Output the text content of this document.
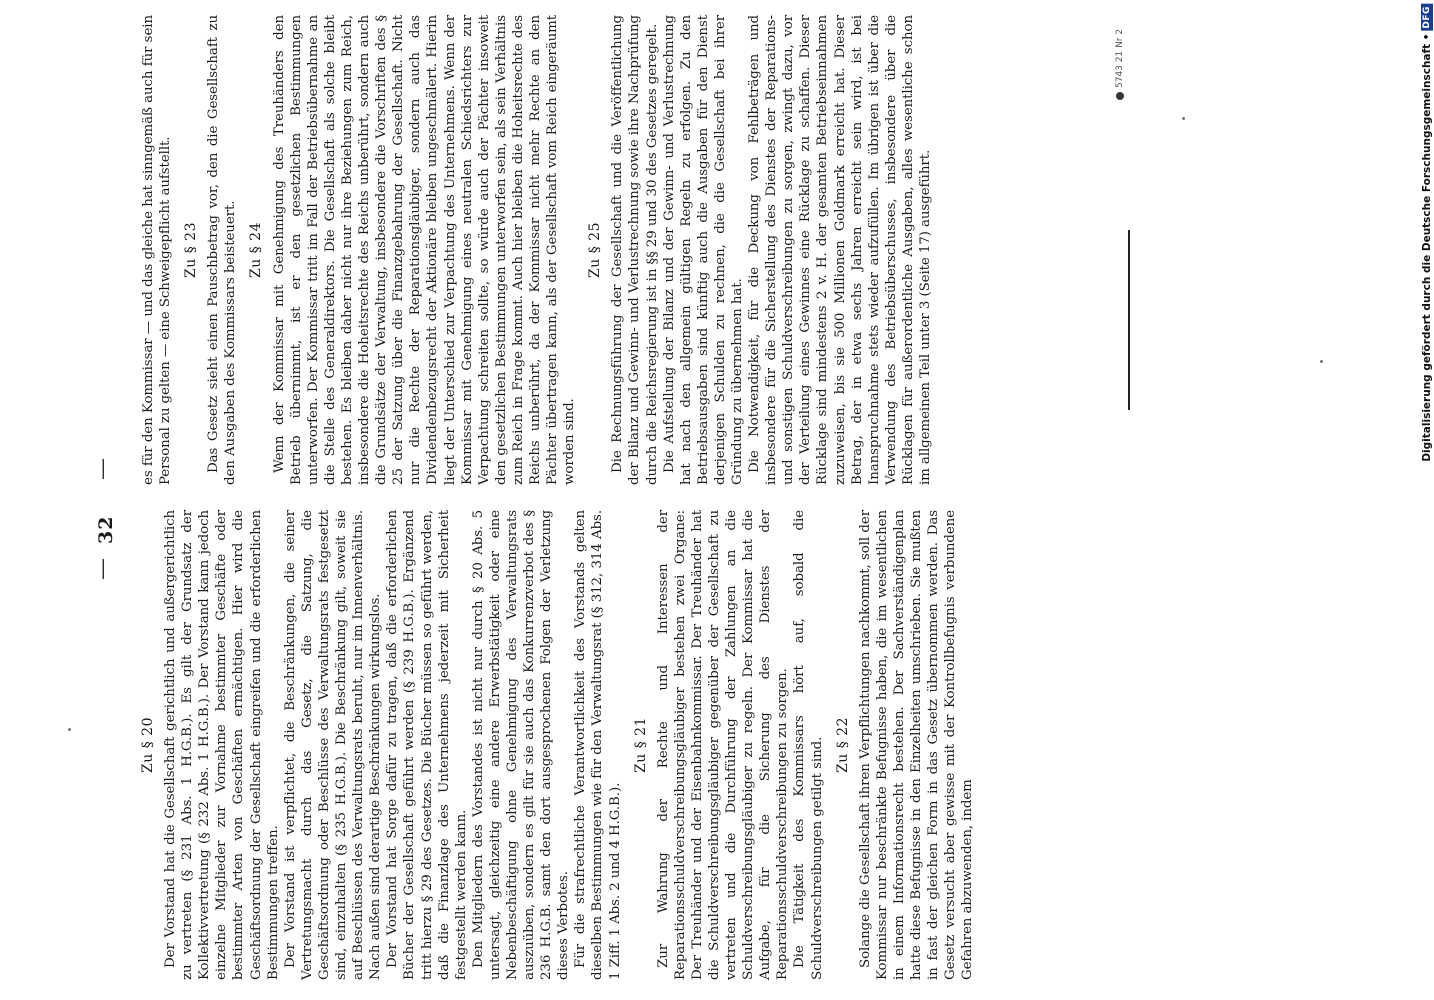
—
32
—
Zu § 20 Der Vorstand hat die Gesellschaft gerichtlich und außergerichtlich zu vertreten (§ 231 Abs. 1 H.G.B.). Es gilt der Grundsatz der Kollektivvertretung (§ 232 Abs. 1 H.G.B.). Der Vorstand kann jedoch einzelne Mitglieder zur Vornahme bestimmter Geschäfte oder bestimmter Arten von Geschäften ermächtigen. Hier wird die Geschäftsordnung der Gesellschaft eingreifen und die erforderlichen Bestimmungen treffen. Der Vorstand ist verpflichtet, die Beschränkungen, die seiner Vertretungsmacht durch das Gesetz, die Satzung, die Geschäftsordnung oder Beschlüsse des Verwaltungsrats festgesetzt sind, einzuhalten (§ 235 H.G.B.). Die Beschränkung gilt, soweit sie auf Beschlüssen des Verwaltungsrats beruht, nur im Innenverhältnis. Nach außen sind derartige Beschränkungen wirkungslos. Der Vorstand hat Sorge dafür zu tragen, daß die erforderlichen Bücher der Gesellschaft geführt werden (§ 239 H.G.B.). Ergänzend tritt hierzu § 29 des Gesetzes. Die Bücher müssen so geführt werden, daß die Finanzlage des Unternehmens jederzeit mit Sicherheit festgestellt werden kann. Den Mitgliedern des Vorstandes ist nicht nur durch § 20 Abs. 5 untersagt, gleichzeitig eine andere Erwerbstätigkeit oder eine Nebenbeschäftigung ohne Genehmigung des Verwaltungsrats auszuüben, sondern es gilt für sie auch das Konkurrenzverbot des § 236 H.G.B. samt den dort ausgesprochenen Folgen der Verletzung dieses Verbotes. Für die strafrechtliche Verantwortlichkeit des Vorstands gelten dieselben Bestimmungen wie für den Verwaltungsrat (§ 312, 314 Abs. 1 Ziff. 1 Abs. 2 und 4 H.G.B.).

Zu § 21 Zur Wahrung der Rechte und Interessen der Reparationsschuldverschreibungsgläubiger bestehen zwei Organe: Der Treuhänder und der Eisenbahnkommissar. Der Treuhänder hat die Schuldverschreibungsgläubiger gegenüber der Gesellschaft zu vertreten und die Durchführung der Zahlungen an die Schuldverschreibungsgläubiger zu regeln. Der Kommissar hat die Aufgabe, für die Sicherung des Dienstes der Reparationsschuldverschreibungen zu sorgen. Die Tätigkeit des Kommissars hört auf, sobald die Schuldverschreibungen getilgt sind. Zu § 22 Solange die Gesellschaft ihren Verpflichtungen nachkommt, soll der Kommissar nur beschränkte Befugnisse haben, die im wesentlichen in einem Informationsrecht bestehen. Der Sachverständigenplan hatte diese Befugnisse in den Einzelheiten umschrieben. Sie mußten in fast der gleichen Form in das Gesetz übernommen werden. Das Gesetz versucht aber gewisse mit der Kontrollbefugnis verbundene Gefahren abzuwenden, indem

es für den Kommissar — und das gleiche hat sinngemäß auch für sein Personal zu gelten — eine Schweigepflicht aufstellt. Zu § 23 Das Gesetz sieht einen Pauschbetrag vor, den die Gesellschaft zu den Ausgaben des Kommissars beisteuert. Zu § 24 Wenn der Kommissar mit Genehmigung des Treuhänders den Betrieb übernimmt, ist er den gesetzlichen Bestimmungen unterworfen. Der Kommissar tritt im Fall der Betriebsübernahme an die Stelle des Generaldirektors. Die Gesellschaft als solche bleibt bestehen. Es bleiben daher nicht nur ihre Beziehungen zum Reich, insbesondere die Hoheitsrechte des Reichs unberührt, sondern auch die Grundsätze der Verwaltung, insbesondere die Vorschriften des § 25 der Satzung über die Finanzgebahrung der Gesellschaft. Nicht nur die Rechte der Reparationsgläubiger, sondern auch das Dividendenbezugsrecht der Aktionäre bleiben ungeschmälert. Hierin liegt der Unterschied zur Verpachtung des Unternehmens. Wenn der Kommissar mit Genehmigung eines neutralen Schiedsrichters zur Verpachtung schreiten sollte, so würde auch der Pächter insoweit den gesetzlichen Bestimmungen unterworfen sein, als sein Verhältnis zum Reich in Frage kommt. Auch hier bleiben die Hoheitsrechte des Reichs unberührt, da der Kommissar nicht mehr Rechte an den Pächter übertragen kann, als der Gesellschaft vom Reich eingeräumt worden sind.

Zu § 25 Die Rechnungsführung der Gesellschaft und die Veröffentlichung der Bilanz und Gewinn- und Verlustrechnung sowie ihre Nachprüfung durch die Reichsregierung ist in §§ 29 und 30 des Gesetzes geregelt. Die Aufstellung der Bilanz und der Gewinn- und Verlustrechnung hat nach den allgemein gültigen Regeln zu erfolgen. Zu den Betriebsausgaben sind künftig auch die Ausgaben für den Dienst derjenigen Schulden zu rechnen, die die Gesellschaft bei ihrer Gründung zu übernehmen hat. Die Notwendigkeit, für die Deckung von Fehlbeträgen und insbesondere für die Sicherstellung des Dienstes der Reparations- und sonstigen Schuldverschreibungen zu sorgen, zwingt dazu, vor der Verteilung eines Gewinnes eine Rücklage zu schaffen. Dieser Rücklage sind mindestens 2 v. H. der gesamten Betriebseinnahmen zuzuweisen, bis sie 500 Millionen Goldmark erreicht hat. Dieser Betrag, der in etwa sechs Jahren erreicht sein wird, ist bei Inanspruchnahme stets wieder aufzufüllen. Im übrigen ist über die Verwendung des Betriebsüberschusses, insbesondere über die Rücklagen für außerordentliche Ausgaben, alles wesentliche schon im allgemeinen Teil unter 3 (Seite 17) ausgeführt.

5743 21 Nr 2	Digitalisierung gefördert durch die Deutsche Forschungsgemeinschaft •
DFG
